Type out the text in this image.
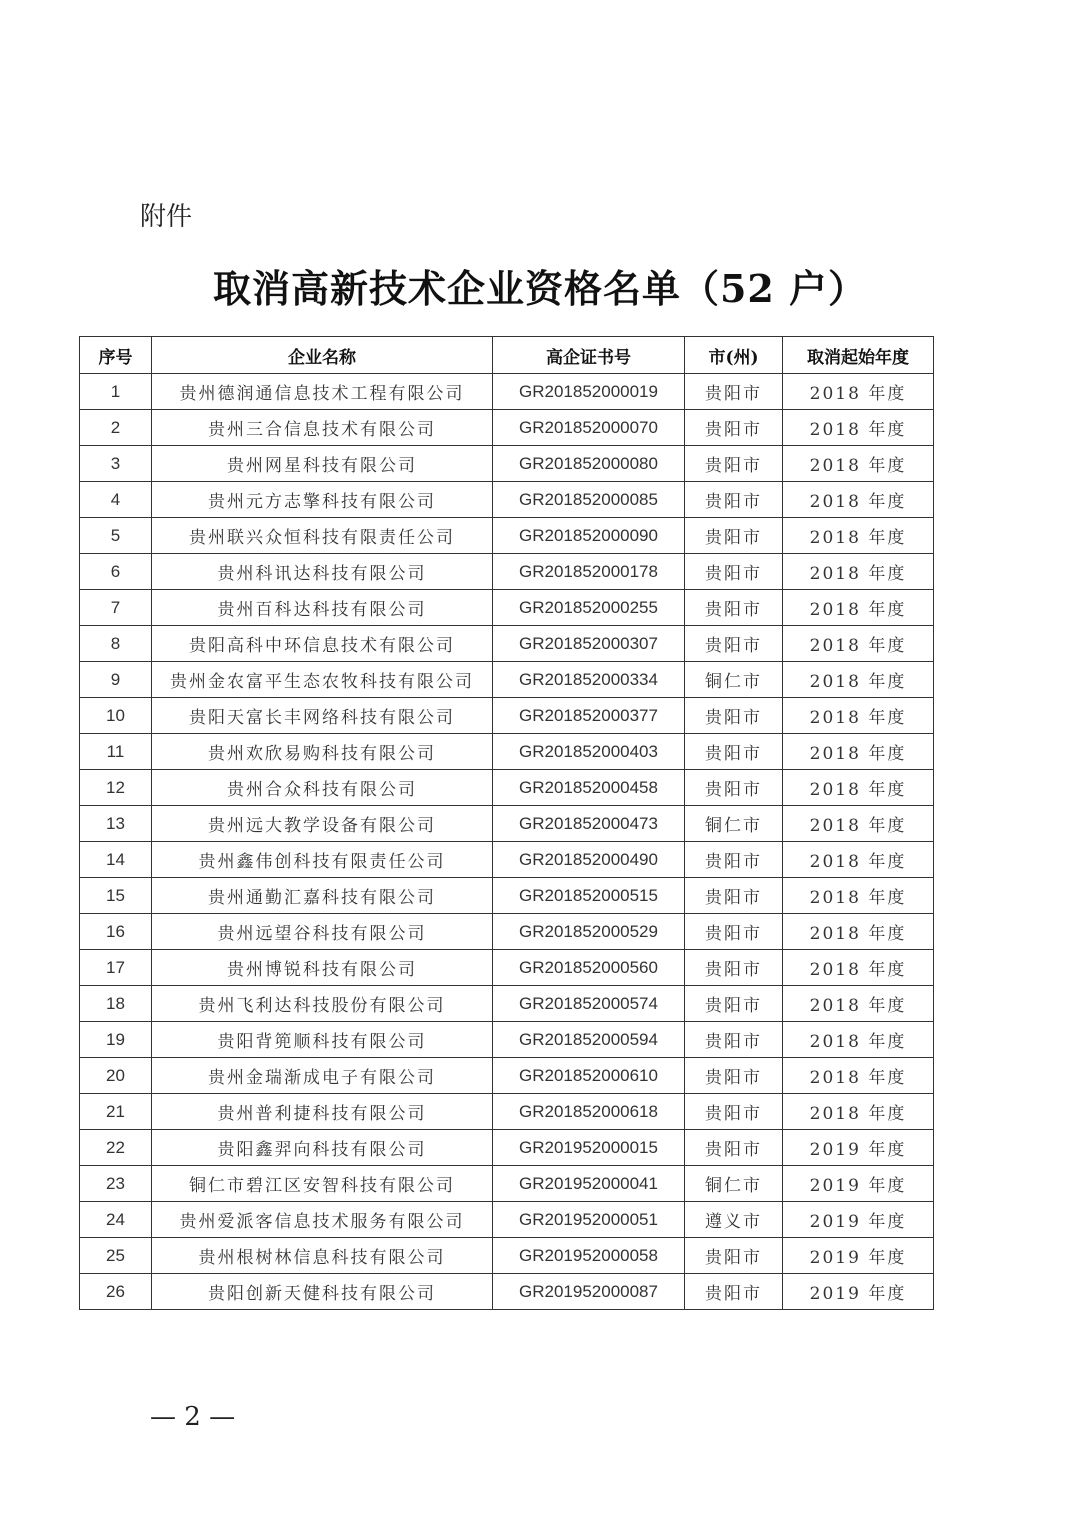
附件
取消高新技术企业资格名单（52 户）
序号	企业名称	高企证书号	市(州)	取消起始年度
1	贵州德润通信息技术工程有限公司	GR201852000019	贵阳市	2018 年度
2	贵州三合信息技术有限公司	GR201852000070	贵阳市	2018 年度
3	贵州网星科技有限公司	GR201852000080	贵阳市	2018 年度
4	贵州元方志擎科技有限公司	GR201852000085	贵阳市	2018 年度
5	贵州联兴众恒科技有限责任公司	GR201852000090	贵阳市	2018 年度
6	贵州科讯达科技有限公司	GR201852000178	贵阳市	2018 年度
7	贵州百科达科技有限公司	GR201852000255	贵阳市	2018 年度
8	贵阳高科中环信息技术有限公司	GR201852000307	贵阳市	2018 年度
9	贵州金农富平生态农牧科技有限公司	GR201852000334	铜仁市	2018 年度
10	贵阳天富长丰网络科技有限公司	GR201852000377	贵阳市	2018 年度
11	贵州欢欣易购科技有限公司	GR201852000403	贵阳市	2018 年度
12	贵州合众科技有限公司	GR201852000458	贵阳市	2018 年度
13	贵州远大教学设备有限公司	GR201852000473	铜仁市	2018 年度
14	贵州鑫伟创科技有限责任公司	GR201852000490	贵阳市	2018 年度
15	贵州通勤汇嘉科技有限公司	GR201852000515	贵阳市	2018 年度
16	贵州远望谷科技有限公司	GR201852000529	贵阳市	2018 年度
17	贵州博锐科技有限公司	GR201852000560	贵阳市	2018 年度
18	贵州飞利达科技股份有限公司	GR201852000574	贵阳市	2018 年度
19	贵阳背篼顺科技有限公司	GR201852000594	贵阳市	2018 年度
20	贵州金瑞渐成电子有限公司	GR201852000610	贵阳市	2018 年度
21	贵州普利捷科技有限公司	GR201852000618	贵阳市	2018 年度
22	贵阳鑫羿向科技有限公司	GR201952000015	贵阳市	2019 年度
23	铜仁市碧江区安智科技有限公司	GR201952000041	铜仁市	2019 年度
24	贵州爱派客信息技术服务有限公司	GR201952000051	遵义市	2019 年度
25	贵州根树林信息科技有限公司	GR201952000058	贵阳市	2019 年度
26	贵阳创新天健科技有限公司	GR201952000087	贵阳市	2019 年度
— 2 —
